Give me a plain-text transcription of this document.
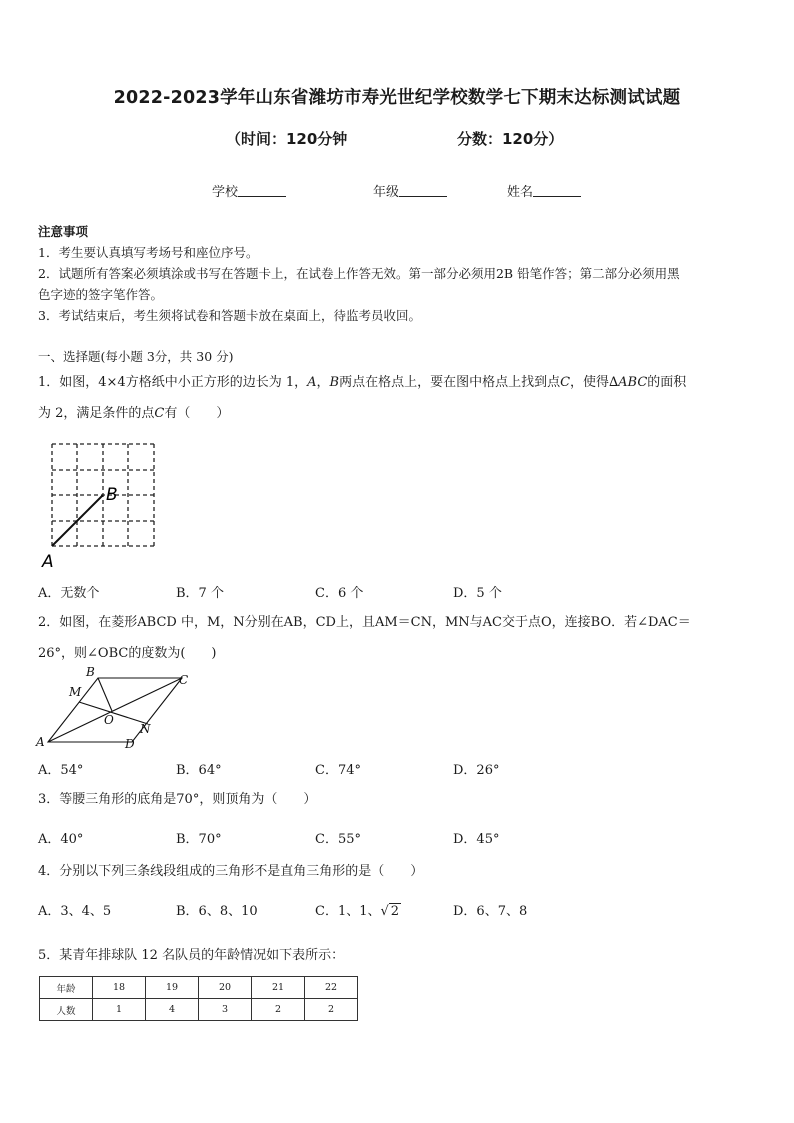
2022-2023学年山东省潍坊市寿光世纪学校数学七下期末达标测试试题
（时间：120分钟	分数：120分）
学校	年级	姓名
注意事项
1．考生要认真填写考场号和座位序号。
2．试题所有答案必须填涂或书写在答题卡上，在试卷上作答无效。第一部分必须用2B 铅笔作答；第二部分必须用黑
色字迹的签字笔作答。
3．考试结束后，考生须将试卷和答题卡放在桌面上，待监考员收回。
一、选择题(每小题 3分，共 30 分)
1．如图，4×4方格纸中小正方形的边长为 1，A，B两点在格点上，要在图中格点上找到点C，使得∆ABC的面积
为 2，满足条件的点C有（　　）
A
B
A．无数个	B．7 个	C．6 个	D．5 个
2．如图，在菱形ABCD 中，M，N分别在AB，CD上，且AM＝CN，MN与AC交于点O，连接BO．若∠DAC＝
26°，则∠OBC的度数为(　　)
A
B
C
D
M
N
O
A．54°	B．64°	C．74°	D．26°
3．等腰三角形的底角是70°，则顶角为（　　）
A．40°	B．70°	C．55°	D．45°
4．分别以下列三条线段组成的三角形不是直角三角形的是（　　）
A．3、4、5	B．6、8、10	C．1、1、√ 2	D．6、7、8
5．某青年排球队 12 名队员的年龄情况如下表所示：
年龄	18	19	20	21	22
人数	1	4	3	2	2
